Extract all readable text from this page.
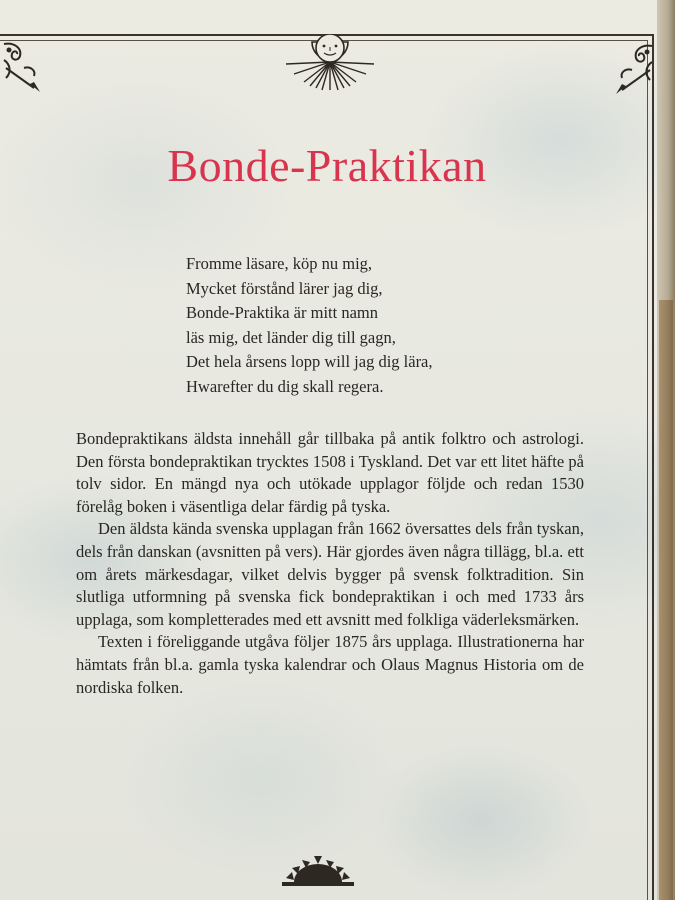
Bonde-Praktikan
Fromme läsare, köp nu mig,
Mycket förstånd lärer jag dig,
Bonde-Praktika är mitt namn
läs mig, det länder dig till gagn,
Det hela årsens lopp will jag dig lära,
Hwarefter du dig skall regera.

Bondepraktikans äldsta innehåll går tillbaka på antik folktro och astrologi. Den första bondepraktikan trycktes 1508 i Tyskland. Det var ett litet häfte på tolv sidor. En mängd nya och utökade upplagor följde och redan 1530 förelåg boken i väsentliga delar färdig på tyska.

Den äldsta kända svenska upplagan från 1662 översattes dels från tyskan, dels från danskan (avsnitten på vers). Här gjordes även några tillägg, bl.a. ett om årets märkesdagar, vilket delvis bygger på svensk folktradition. Sin slutliga utformning på svenska fick bondepraktikan i och med 1733 års upplaga, som kompletterades med ett avsnitt med folkliga väderleksmärken.

Texten i föreliggande utgåva följer 1875 års upplaga. Illustrationerna har hämtats från bl.a. gamla tyska kalendrar och Olaus Magnus Historia om de nordiska folken.
